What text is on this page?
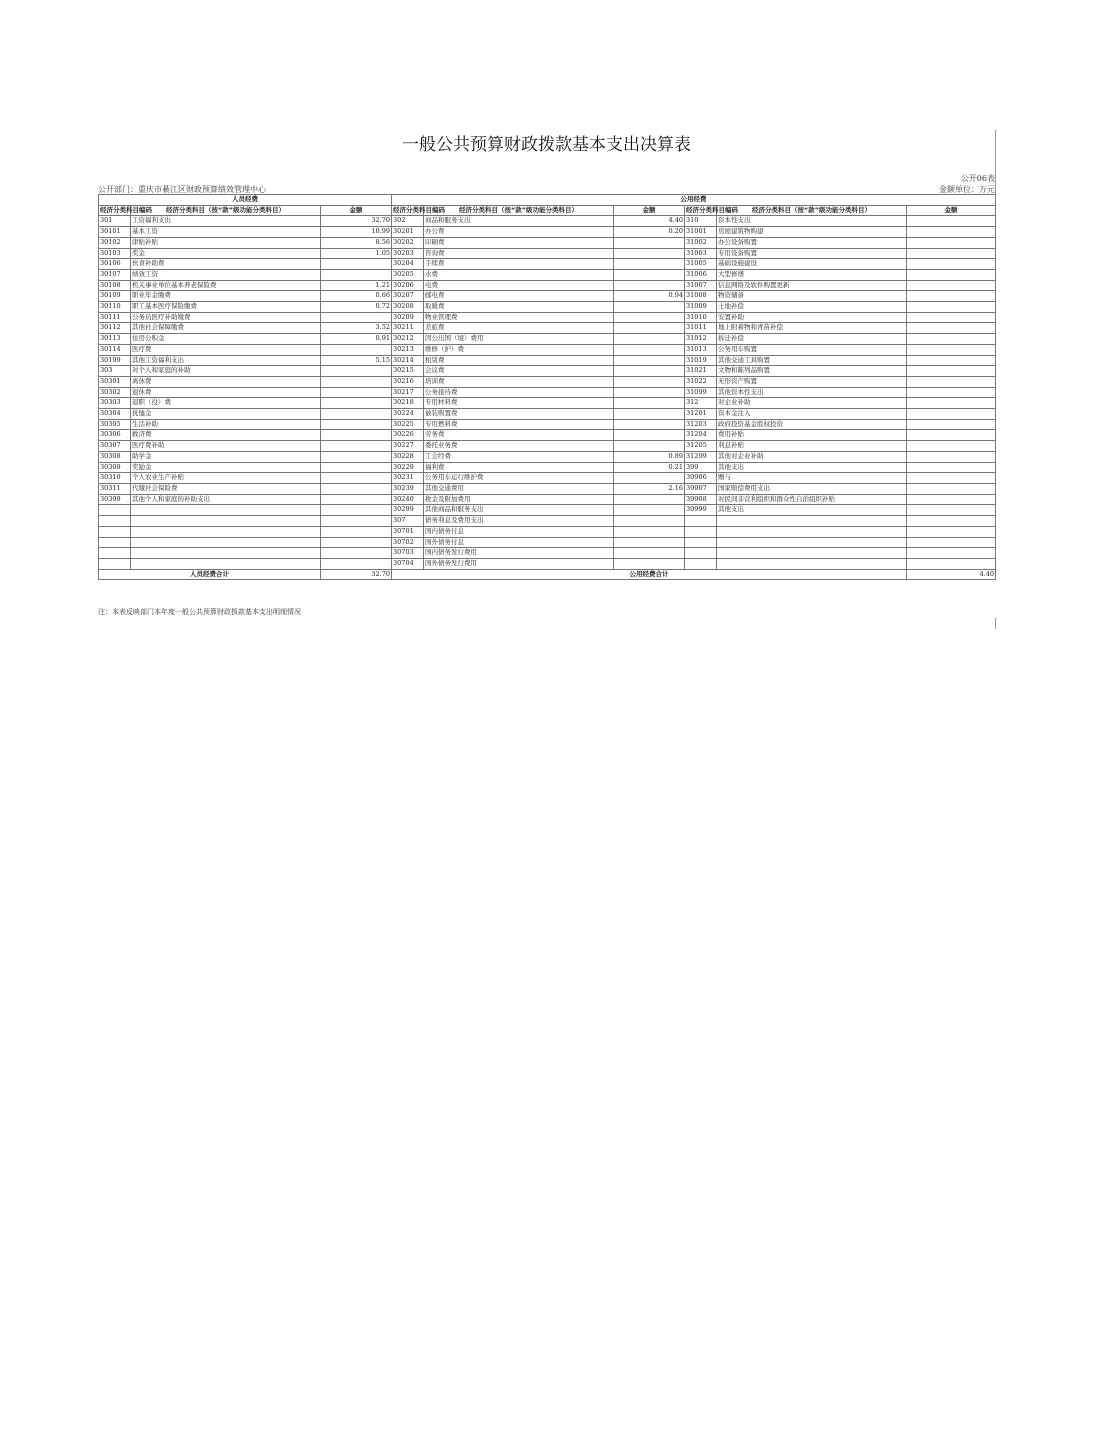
一般公共预算财政拨款基本支出决算表
公开06表
公开部门：重庆市綦江区财政预算绩效管理中心	金额单位：万元
人员经费			公用经费					
经济分类科目编码	经济分类科目（按“款”级功能分类科目）	金额	经济分类科目编码	经济分类科目（按“款”级功能分类科目）	金额	经济分类科目编码	经济分类科目（按“款”级功能分类科目）	金额
301	工资福利支出	32.70	302	商品和服务支出	4.40	310	资本性支出	
30101	基本工资	10.99	30201	办公费	0.20	31001	房屋建筑物购建	
30102	津贴补贴	8.56	30202	印刷费		31002	办公设备购置	
30103	奖金	1.05	30203	咨询费		31003	专用设备购置	
30106	伙食补助费		30204	手续费		31005	基础设施建设	
30107	绩效工资		30205	水费		31006	大型修缮	
30108	机关事业单位基本养老保险费	1.21	30206	电费		31007	信息网络及软件购置更新	
30109	职业年金缴费	0.66	30207	邮电费	0.94	31008	物资储备	
30110	职工基本医疗保险缴费	0.72	30208	取暖费		31009	土地补偿	
30111	公务员医疗补助缴费		30209	物业管理费		31010	安置补助	
30112	其他社会保障缴费	3.52	30211	差旅费		31011	地上附着物和青苗补偿	
30113	住房公积金	0.91	30212	因公出国（境）费用		31012	拆迁补偿	
30114	医疗费		30213	维修（护）费		31013	公务用车购置	
30199	其他工资福利支出	5.15	30214	租赁费		31019	其他交通工具购置	
303	对个人和家庭的补助		30215	会议费		31021	文物和陈列品购置	
30301	离休费		30216	培训费		31022	无形资产购置	
30302	退休费		30217	公务接待费		31099	其他资本性支出	
30303	退职（役）费		30218	专用材料费		312	对企业补助	
30304	抚恤金		30224	被装购置费		31201	资本金注入	
30305	生活补助		30225	专用燃料费		31203	政府投资基金股权投资	
30306	救济费		30226	劳务费		31204	费用补贴	
30307	医疗费补助		30227	委托业务费		31205	利息补贴	
30308	助学金		30228	工会经费	0.89	31299	其他对企业补助	
30309	奖励金		30229	福利费	0.21	399	其他支出	
30310	个人农业生产补贴		30231	公务用车运行维护费		39906	赠与	
30311	代缴社会保险费		30239	其他交通费用	2.16	39907	国家赔偿费用支出	
30399	其他个人和家庭的补助支出		30240	税金及附加费用		39908	对民间非营利组织和群众性自治组织补贴	
			30299	其他商品和服务支出		39999	其他支出	
			307	债务利息及费用支出				
			30701	国内债务付息				
			30702	国外债务付息				
			30703	国内债务发行费用				
			30704	国外债务发行费用				
人员经费合计		32.70	公用经费合计					4.40
注：本表反映部门本年度一般公共预算财政拨款基本支出明细情况
